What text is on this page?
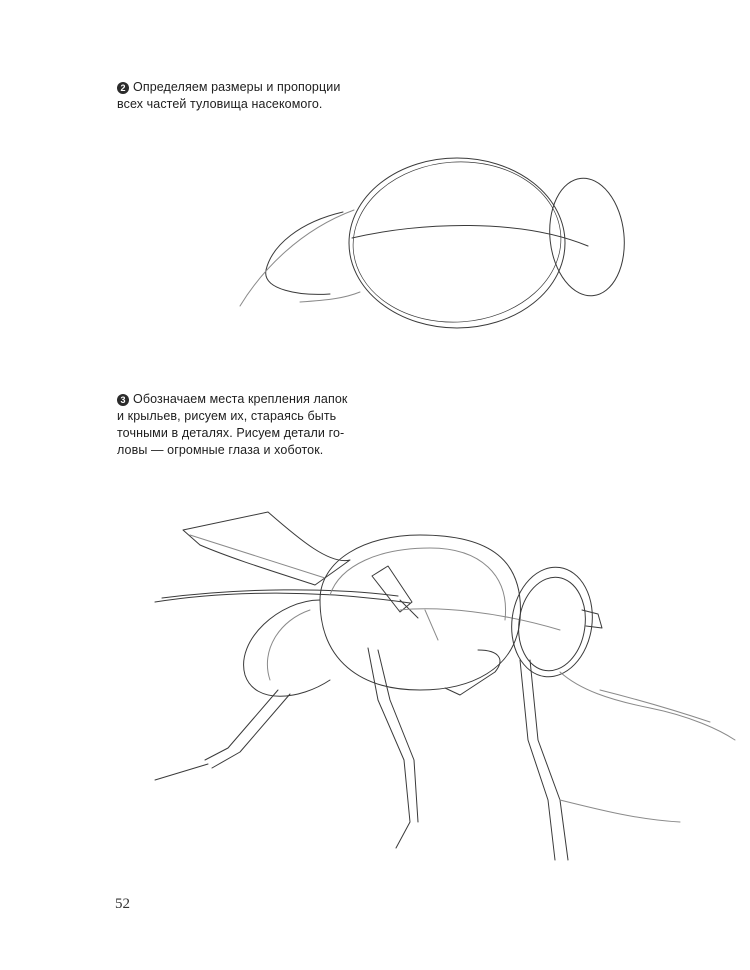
2 Определяем размеры и пропорции
всех частей туловища насекомого.
3 Обозначаем места крепления лапок
и крыльев, рисуем их, стараясь быть
точными в деталях. Рисуем детали го-
ловы — огромные глаза и хоботок.
52
